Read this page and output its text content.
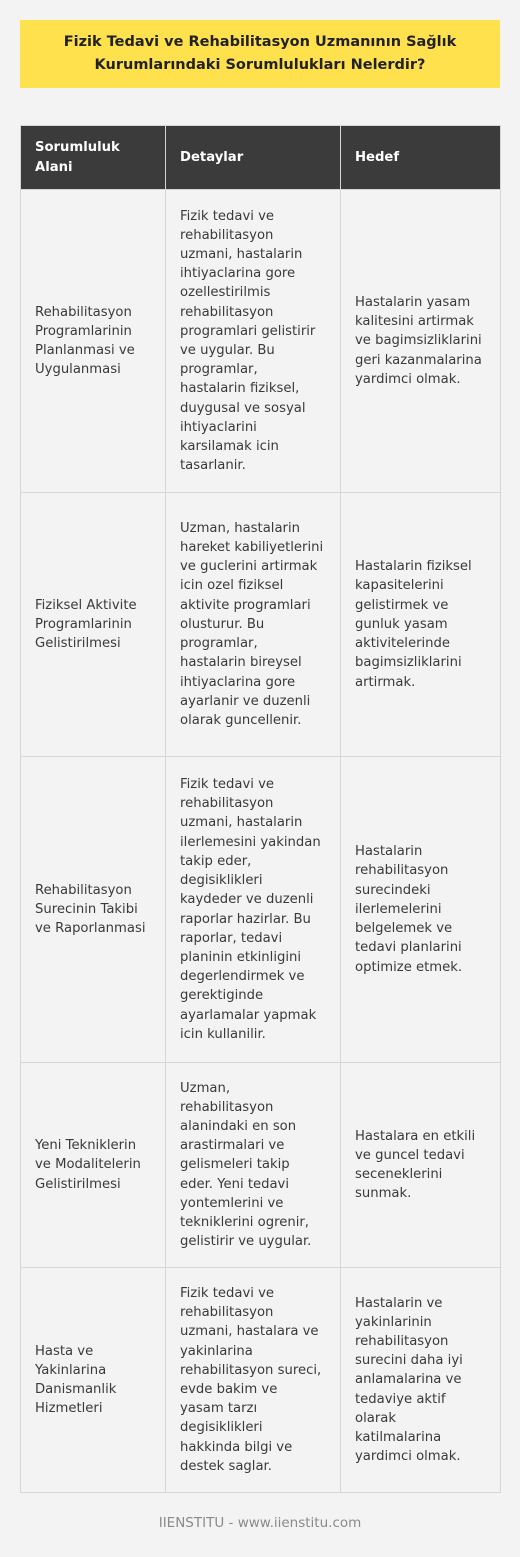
Fizik Tedavi ve Rehabilitasyon Uzmanının Sağlık Kurumlarındaki Sorumlulukları Nelerdir?
Sorumluluk Alani	Detaylar	Hedef
Rehabilitasyon Programlarinin Planlanmasi ve Uygulanmasi	Fizik tedavi ve rehabilitasyon uzmani, hastalarin ihtiyaclarina gore ozellestirilmis rehabilitasyon programlari gelistirir ve uygular. Bu programlar, hastalarin fiziksel, duygusal ve sosyal ihtiyaclarini karsilamak icin tasarlanir.	Hastalarin yasam kalitesini artirmak ve bagimsizliklarini geri kazanmalarina yardimci olmak.
Fiziksel Aktivite Programlarinin Gelistirilmesi	Uzman, hastalarin hareket kabiliyetlerini ve guclerini artirmak icin ozel fiziksel aktivite programlari olusturur. Bu programlar, hastalarin bireysel ihtiyaclarina gore ayarlanir ve duzenli olarak guncellenir.	Hastalarin fiziksel kapasitelerini gelistirmek ve gunluk yasam aktivitelerinde bagimsizliklarini artirmak.
Rehabilitasyon Surecinin Takibi ve Raporlanmasi	Fizik tedavi ve rehabilitasyon uzmani, hastalarin ilerlemesini yakindan takip eder, degisiklikleri kaydeder ve duzenli raporlar hazirlar. Bu raporlar, tedavi planinin etkinligini degerlendirmek ve gerektiginde ayarlamalar yapmak icin kullanilir.	Hastalarin rehabilitasyon surecindeki ilerlemelerini belgelemek ve tedavi planlarini optimize etmek.
Yeni Tekniklerin ve Modalitelerin Gelistirilmesi	Uzman, rehabilitasyon alanindaki en son arastirmalari ve gelismeleri takip eder. Yeni tedavi yontemlerini ve tekniklerini ogrenir, gelistirir ve uygular.	Hastalara en etkili ve guncel tedavi seceneklerini sunmak.
Hasta ve Yakinlarina Danismanlik Hizmetleri	Fizik tedavi ve rehabilitasyon uzmani, hastalara ve yakinlarina rehabilitasyon sureci, evde bakim ve yasam tarzı degisiklikleri hakkinda bilgi ve destek saglar.	Hastalarin ve yakinlarinin rehabilitasyon surecini daha iyi anlamalarina ve tedaviye aktif olarak katilmalarina yardimci olmak.
IIENSTITU - www.iienstitu.com
